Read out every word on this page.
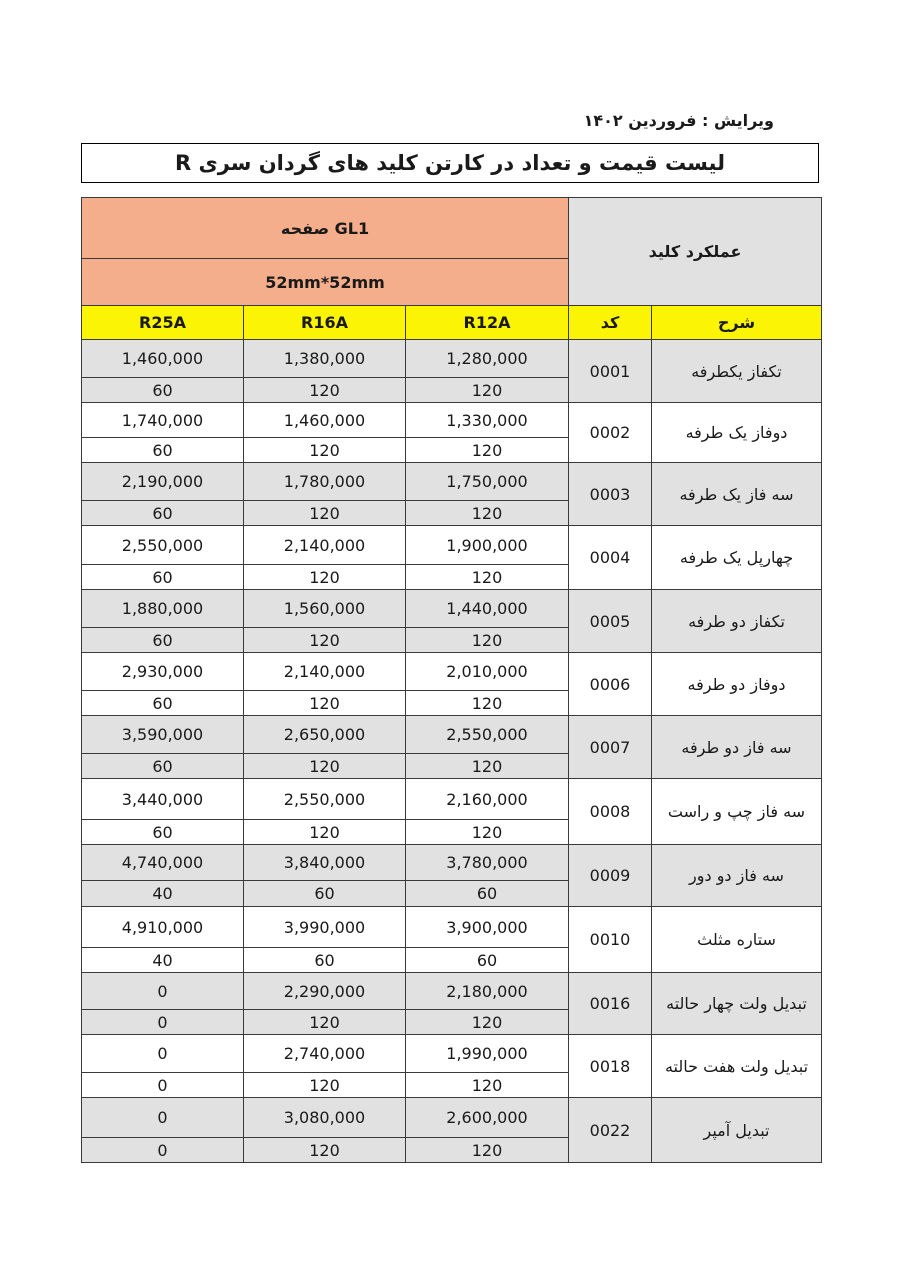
ویرایش : فروردین ۱۴۰۲
لیست قیمت و تعداد در کارتن کلید های گردان سری R
صفحه GL1			عملکرد کلید	
52mm*52mm				
R25A	R16A	R12A	کد	شرح
1,460,000	1,380,000	1,280,000	0001	تکفاز یکطرفه
60	120	120		
1,740,000	1,460,000	1,330,000	0002	دوفاز یک طرفه
60	120	120		
2,190,000	1,780,000	1,750,000	0003	سه فاز یک طرفه
60	120	120		
2,550,000	2,140,000	1,900,000	0004	چهارپل یک طرفه
60	120	120		
1,880,000	1,560,000	1,440,000	0005	تکفاز دو طرفه
60	120	120		
2,930,000	2,140,000	2,010,000	0006	دوفاز دو طرفه
60	120	120		
3,590,000	2,650,000	2,550,000	0007	سه فاز دو طرفه
60	120	120		
3,440,000	2,550,000	2,160,000	0008	سه فاز چپ و راست
60	120	120		
4,740,000	3,840,000	3,780,000	0009	سه فاز دو دور
40	60	60		
4,910,000	3,990,000	3,900,000	0010	ستاره مثلث
40	60	60		
0	2,290,000	2,180,000	0016	تبدیل ولت چهار حالته
0	120	120		
0	2,740,000	1,990,000	0018	تبدیل ولت هفت حالته
0	120	120		
0	3,080,000	2,600,000	0022	تبدیل آمپر
0	120	120		
